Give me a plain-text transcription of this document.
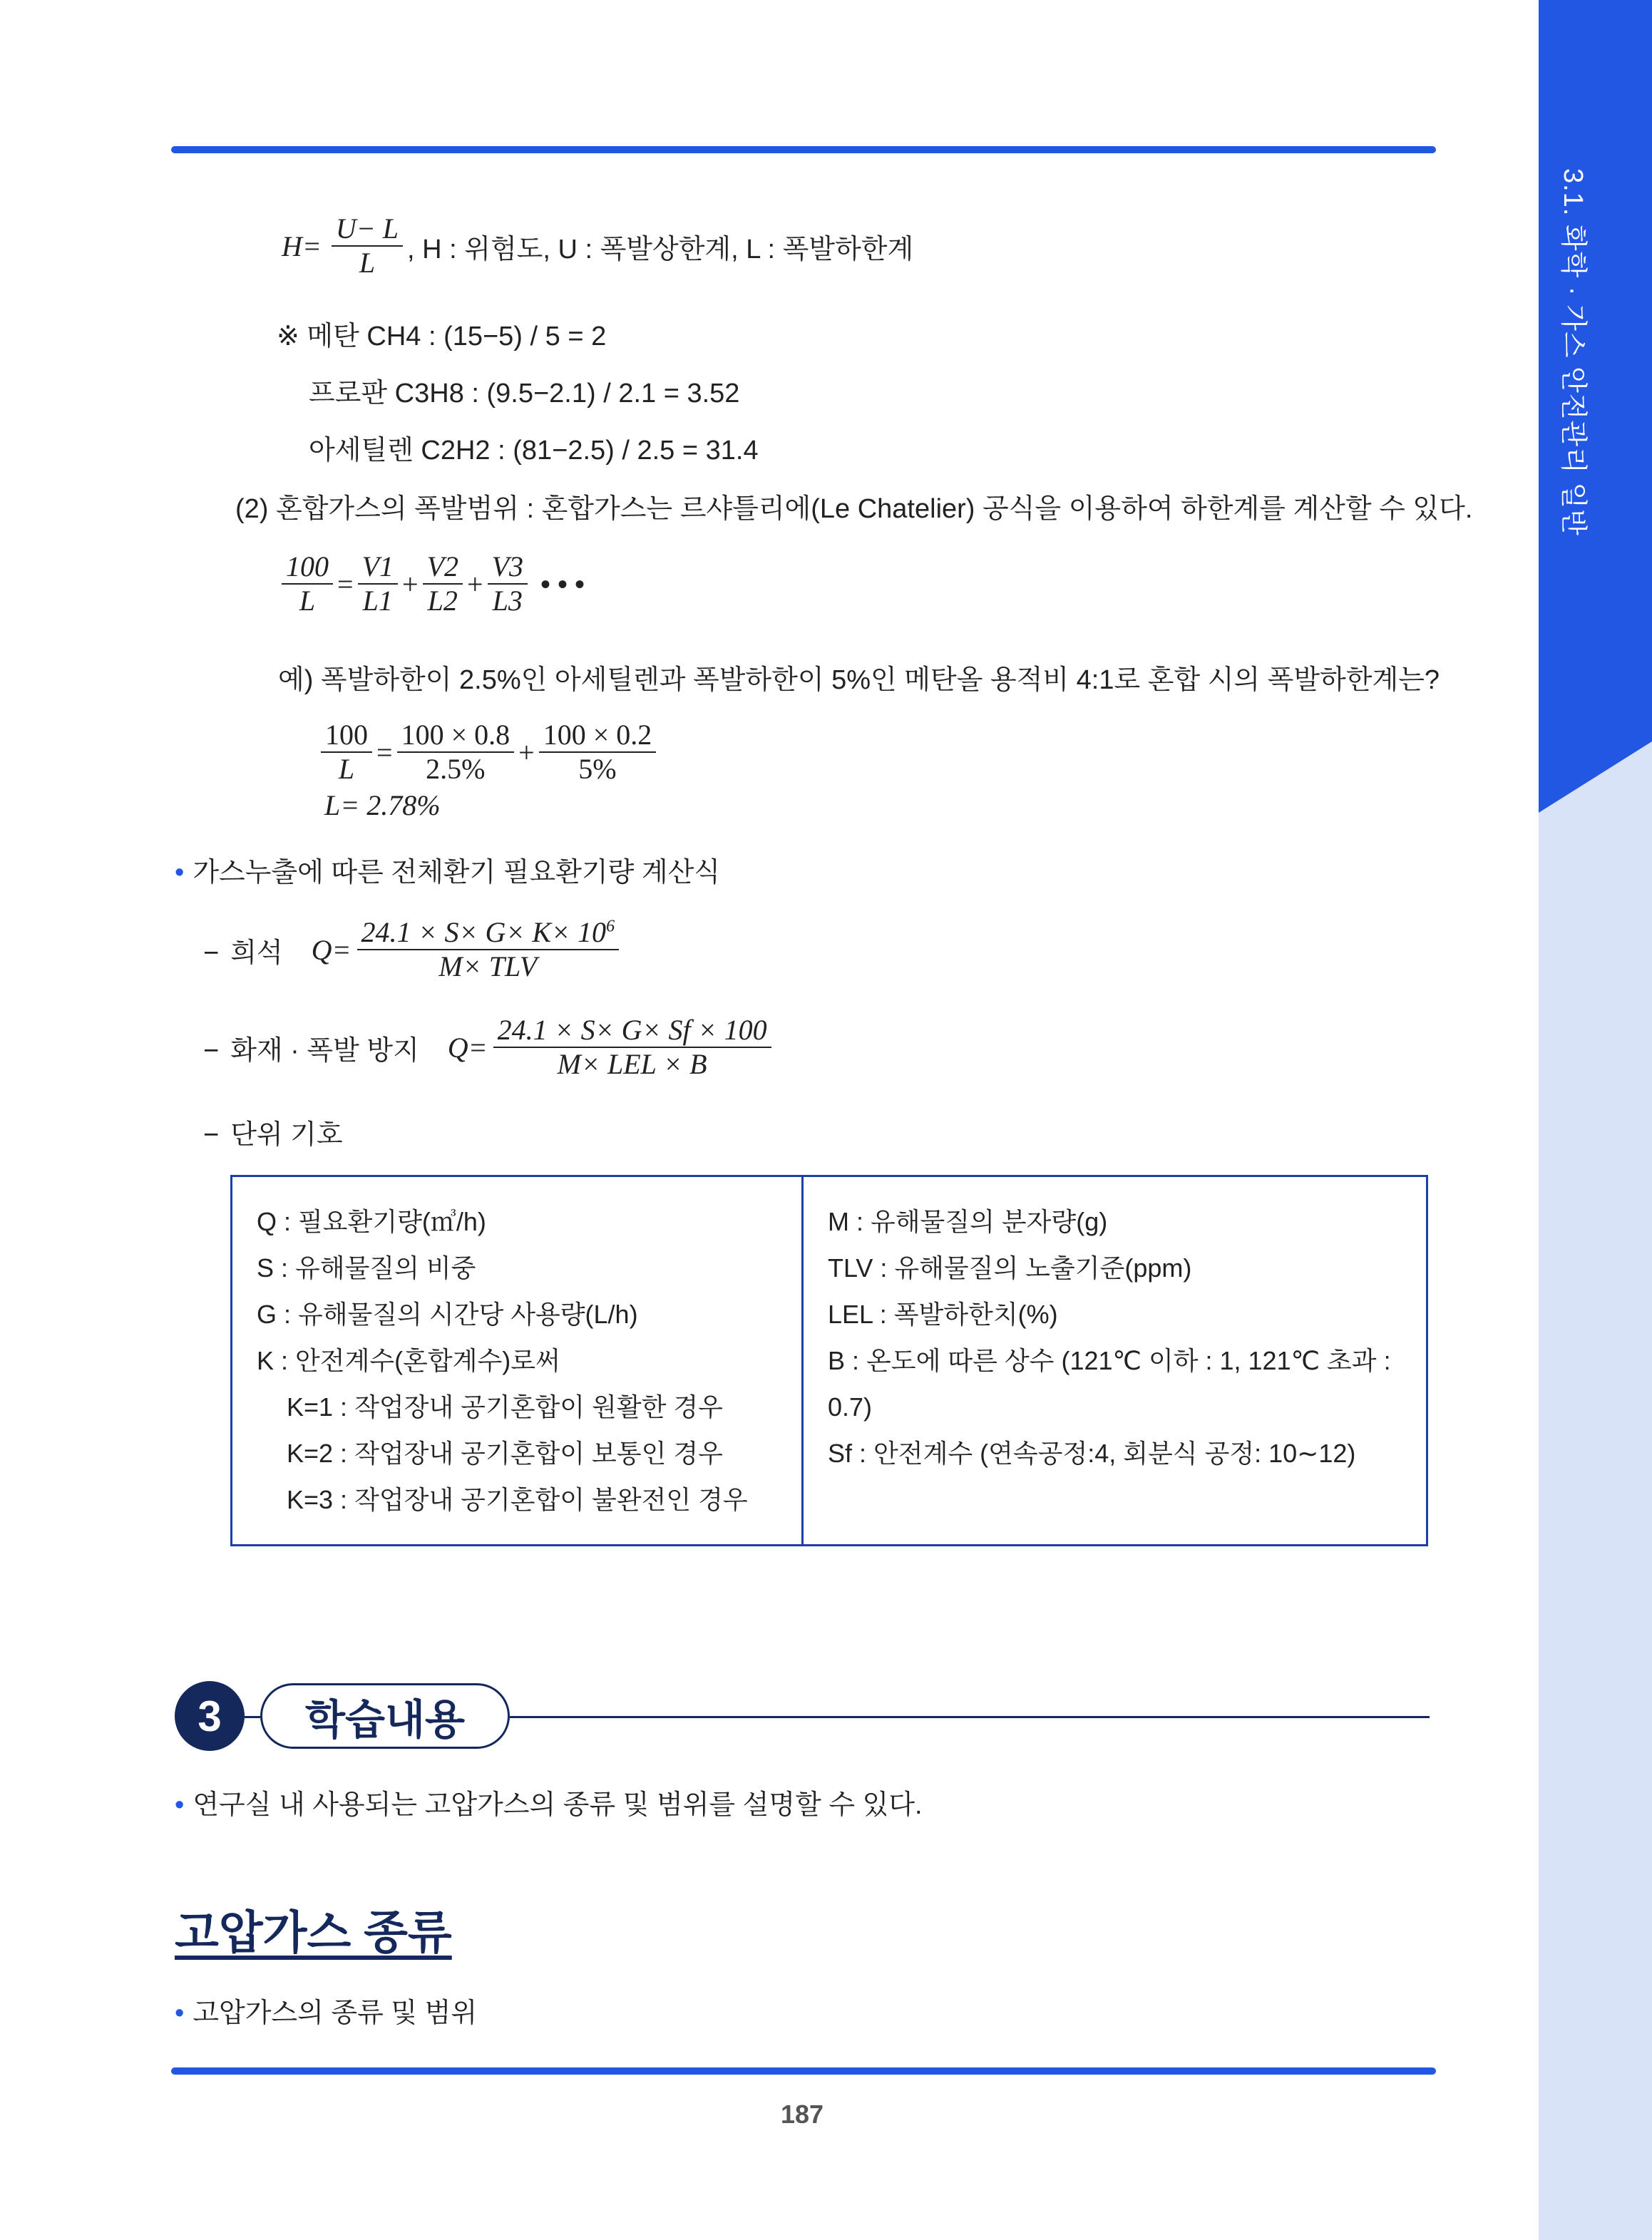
3.1. 화학 · 가스 안전관리 일반
$H= \frac{U- L}{L}$ , H : 위험도, U : 폭발상한계, L : 폭발하한계
※ 메탄 CH4 : (15−5) / 5 = 2
프로판 C3H8 : (9.5−2.1) / 2.1 = 3.52
아세틸렌 C2H2 : (81−2.5) / 2.5 = 31.4
(2) 혼합가스의 폭발범위 : 혼합가스는 르샤틀리에(Le Chatelier) 공식을 이용하여 하한계를 계산할 수 있다.
$\frac{100}{L} = \frac{V1}{L1} + \frac{V2}{L2} + \frac{V3}{L3}$ • • •
예) 폭발하한이 2.5%인 아세틸렌과 폭발하한이 5%인 메탄올 용적비 4:1로 혼합 시의 폭발하한계는?
$\frac{100}{L} = \frac{100 \times 0.8}{2.5\%} + \frac{100 \times 0.2}{5\%}$
L= 2.78%
• 가스누출에 따른 전체환기 필요환기량 계산식
− 희석 $Q= \frac{24.1 \times S\times G\times K\times 10^6}{\text{M× TLV}}$
− 화재 · 폭발 방지 $Q= \frac{24.1 \times S\times G\times Sf \times 100}{\text{M× LEL × B}}$
− 단위 기호
Q : 필요환기량(㎥/h)
S : 유해물질의 비중
G : 유해물질의 시간당 사용량(L/h)
K : 안전계수(혼합계수)로써
K=1 : 작업장내 공기혼합이 원활한 경우
K=2 : 작업장내 공기혼합이 보통인 경우
K=3 : 작업장내 공기혼합이 불완전인 경우

M : 유해물질의 분자량(g)
TLV : 유해물질의 노출기준(ppm)
LEL : 폭발하한치(%)
B : 온도에 따른 상수 (121℃ 이하 : 1, 121℃ 초과 : 0.7)
Sf : 안전계수 (연속공정:4, 회분식 공정: 10∼12)
3	학습내용
• 연구실 내 사용되는 고압가스의 종류 및 범위를 설명할 수 있다.
고압가스 종류
• 고압가스의 종류 및 범위
187
